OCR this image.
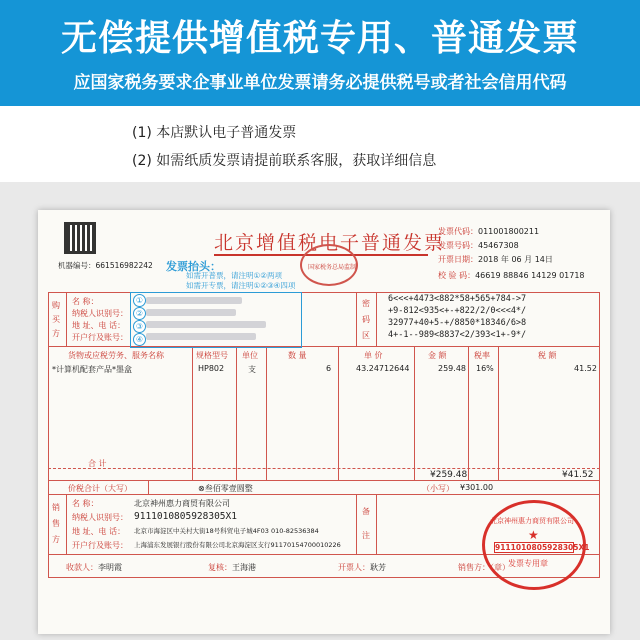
无偿提供增值税专用、普通发票
应国家税务要求企事业单位发票请务必提供税号或者社会信用代码
(1) 本店默认电子普通发票
(2) 如需纸质发票请提前联系客服，获取详细信息
机器编号：661516982242
北京增值税电子普通发票
国家税务总局监制
发票代码：011001800211
发票号码：45467308
开票日期：2018 年 06 月 14日
校 验 码：46619 88846 14129 01718
发票抬头：
如需开普票，请注明①②两项
如需开专票，请注明①②③④四项
购
买
方
名 称：
纳税人识别号：
地 址、电 话：
开户行及账号：
①
②
③
④
密
码
区
6<<<+4473<882*58+565+784->7
+9-812<935<+-+822/2/0<<<4*/
32977+40+5-+/8850*18346/6>8
4+-1--989<8837<2/393<1+-9*/
货物或应税劳务、服务名称	规格型号 单位	数 量	单 价	金 额	税率	税 额
*计算机配套产品*墨盒	HP802	支	6	43.24712644	259.48 16%	41.52
合 计
¥259.48	¥41.52
价税合计（大写）	⊗叁佰零壹圆整	（小写） ¥301.00
销
售
方
名 称：	北京神州惠力商贸有限公司
纳税人识别号： 9111010805928305X1
地 址、电 话： 北京市海淀区中关村大街18号科贸电子城4F03 010-82536384
开户行及账号： 上海浦东发展银行股份有限公司北京海淀区支行91170154700010226
备
注
收款人：李明霞	复核：王海港	开票人：耿芳	销售方：（章）
北京神州惠力商贸有限公司
★
9111010805928305X1
发票专用章
